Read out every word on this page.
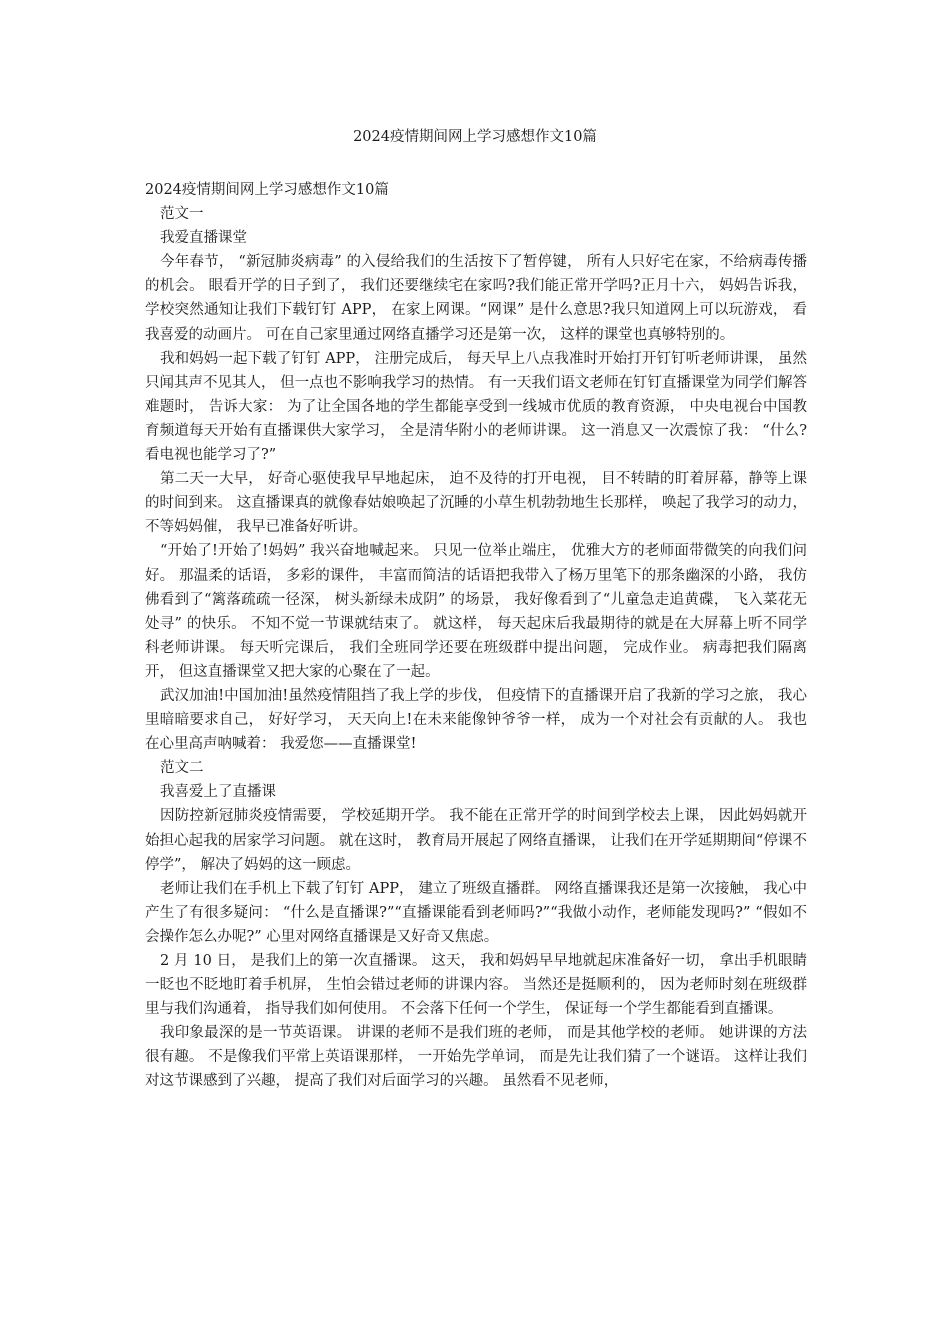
2024疫情期间网上学习感想作文10篇

2024疫情期间网上学习感想作文10篇

范文一

我爱直播课堂

今年春节， “新冠肺炎病毒” 的入侵给我们的生活按下了暂停键， 所有人只好宅在家，不给病毒传播的机会。 眼看开学的日子到了， 我们还要继续宅在家吗?我们能正常开学吗?正月十六， 妈妈告诉我， 学校突然通知让我们下载钉钉 APP， 在家上网课。“网课” 是什么意思?我只知道网上可以玩游戏， 看我喜爱的动画片。 可在自己家里通过网络直播学习还是第一次， 这样的课堂也真够特别的。

我和妈妈一起下载了钉钉 APP， 注册完成后， 每天早上八点我准时开始打开钉钉听老师讲课， 虽然只闻其声不见其人， 但一点也不影响我学习的热情。 有一天我们语文老师在钉钉直播课堂为同学们解答难题时， 告诉大家： 为了让全国各地的学生都能享受到一线城市优质的教育资源， 中央电视台中国教育频道每天开始有直播课供大家学习， 全是清华附小的老师讲课。 这一消息又一次震惊了我： “什么?看电视也能学习了?”

第二天一大早， 好奇心驱使我早早地起床， 迫不及待的打开电视， 目不转睛的盯着屏幕，静等上课的时间到来。 这直播课真的就像春姑娘唤起了沉睡的小草生机勃勃地生长那样， 唤起了我学习的动力， 不等妈妈催， 我早已准备好听讲。

“开始了!开始了!妈妈” 我兴奋地喊起来。 只见一位举止端庄， 优雅大方的老师面带微笑的向我们问好。 那温柔的话语， 多彩的课件， 丰富而简洁的话语把我带入了杨万里笔下的那条幽深的小路， 我仿佛看到了“篱落疏疏一径深， 树头新绿未成阴” 的场景， 我好像看到了“儿童急走追黄碟， 飞入菜花无处寻” 的快乐。 不知不觉一节课就结束了。 就这样， 每天起床后我最期待的就是在大屏幕上听不同学科老师讲课。 每天听完课后， 我们全班同学还要在班级群中提出问题， 完成作业。 病毒把我们隔离开， 但这直播课堂又把大家的心聚在了一起。

武汉加油!中国加油!虽然疫情阻挡了我上学的步伐， 但疫情下的直播课开启了我新的学习之旅， 我心里暗暗要求自己， 好好学习， 天天向上!在未来能像钟爷爷一样， 成为一个对社会有贡献的人。 我也在心里高声呐喊着： 我爱您——直播课堂!

范文二

我喜爱上了直播课

因防控新冠肺炎疫情需要， 学校延期开学。 我不能在正常开学的时间到学校去上课， 因此妈妈就开始担心起我的居家学习问题。 就在这时， 教育局开展起了网络直播课， 让我们在开学延期期间“停课不停学”， 解决了妈妈的这一顾虑。

老师让我们在手机上下载了钉钉 APP， 建立了班级直播群。 网络直播课我还是第一次接触， 我心中产生了有很多疑问： “什么是直播课?”“直播课能看到老师吗?”“我做小动作，老师能发现吗?” “假如不会操作怎么办呢?” 心里对网络直播课是又好奇又焦虑。

2 月 10 日， 是我们上的第一次直播课。 这天， 我和妈妈早早地就起床准备好一切， 拿出手机眼睛一眨也不眨地盯着手机屏， 生怕会错过老师的讲课内容。 当然还是挺顺利的， 因为老师时刻在班级群里与我们沟通着， 指导我们如何使用。 不会落下任何一个学生， 保证每一个学生都能看到直播课。

我印象最深的是一节英语课。 讲课的老师不是我们班的老师， 而是其他学校的老师。 她讲课的方法很有趣。 不是像我们平常上英语课那样， 一开始先学单词， 而是先让我们猜了一个谜语。 这样让我们对这节课感到了兴趣， 提高了我们对后面学习的兴趣。 虽然看不见老师，
